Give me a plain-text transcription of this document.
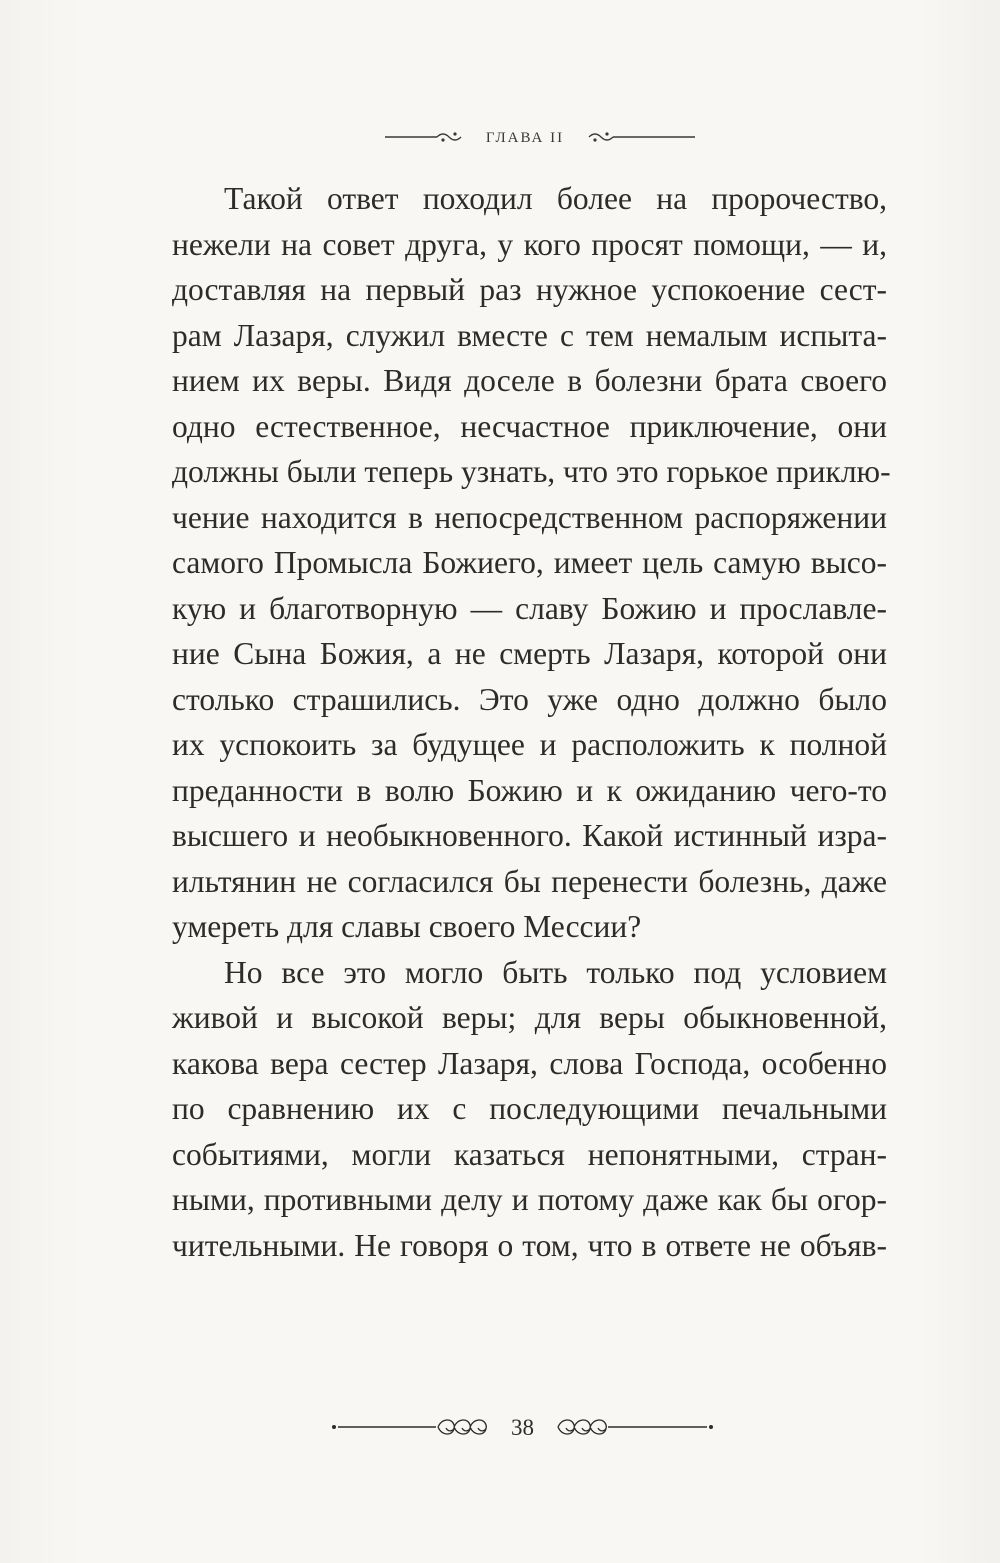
ГЛАВА II

Такой ответ походил более на пророчество,
нежели на совет друга, у кого просят помощи, — и,
доставляя на первый раз нужное успокоение сест-
рам Лазаря, служил вместе с тем немалым испыта-
нием их веры. Видя доселе в болезни брата своего
одно естественное, несчастное приключение, они
должны были теперь узнать, что это горькое приклю-
чение находится в непосредственном распоряжении
самого Промысла Божиего, имеет цель самую высо-
кую и благотворную — славу Божию и прославле-
ние Сына Божия, а не смерть Лазаря, которой они
столько страшились. Это уже одно должно было
их успокоить за будущее и расположить к полной
преданности в волю Божию и к ожиданию чего-то
высшего и необыкновенного. Какой истинный изра-
ильтянин не согласился бы перенести болезнь, даже
умереть для славы своего Мессии?

Но все это могло быть только под условием
живой и высокой веры; для веры обыкновенной,
какова вера сестер Лазаря, слова Господа, особенно
по сравнению их с последующими печальными
событиями, могли казаться непонятными, стран-
ными, противными делу и потому даже как бы огор-
чительными. Не говоря о том, что в ответе не объяв-

38
